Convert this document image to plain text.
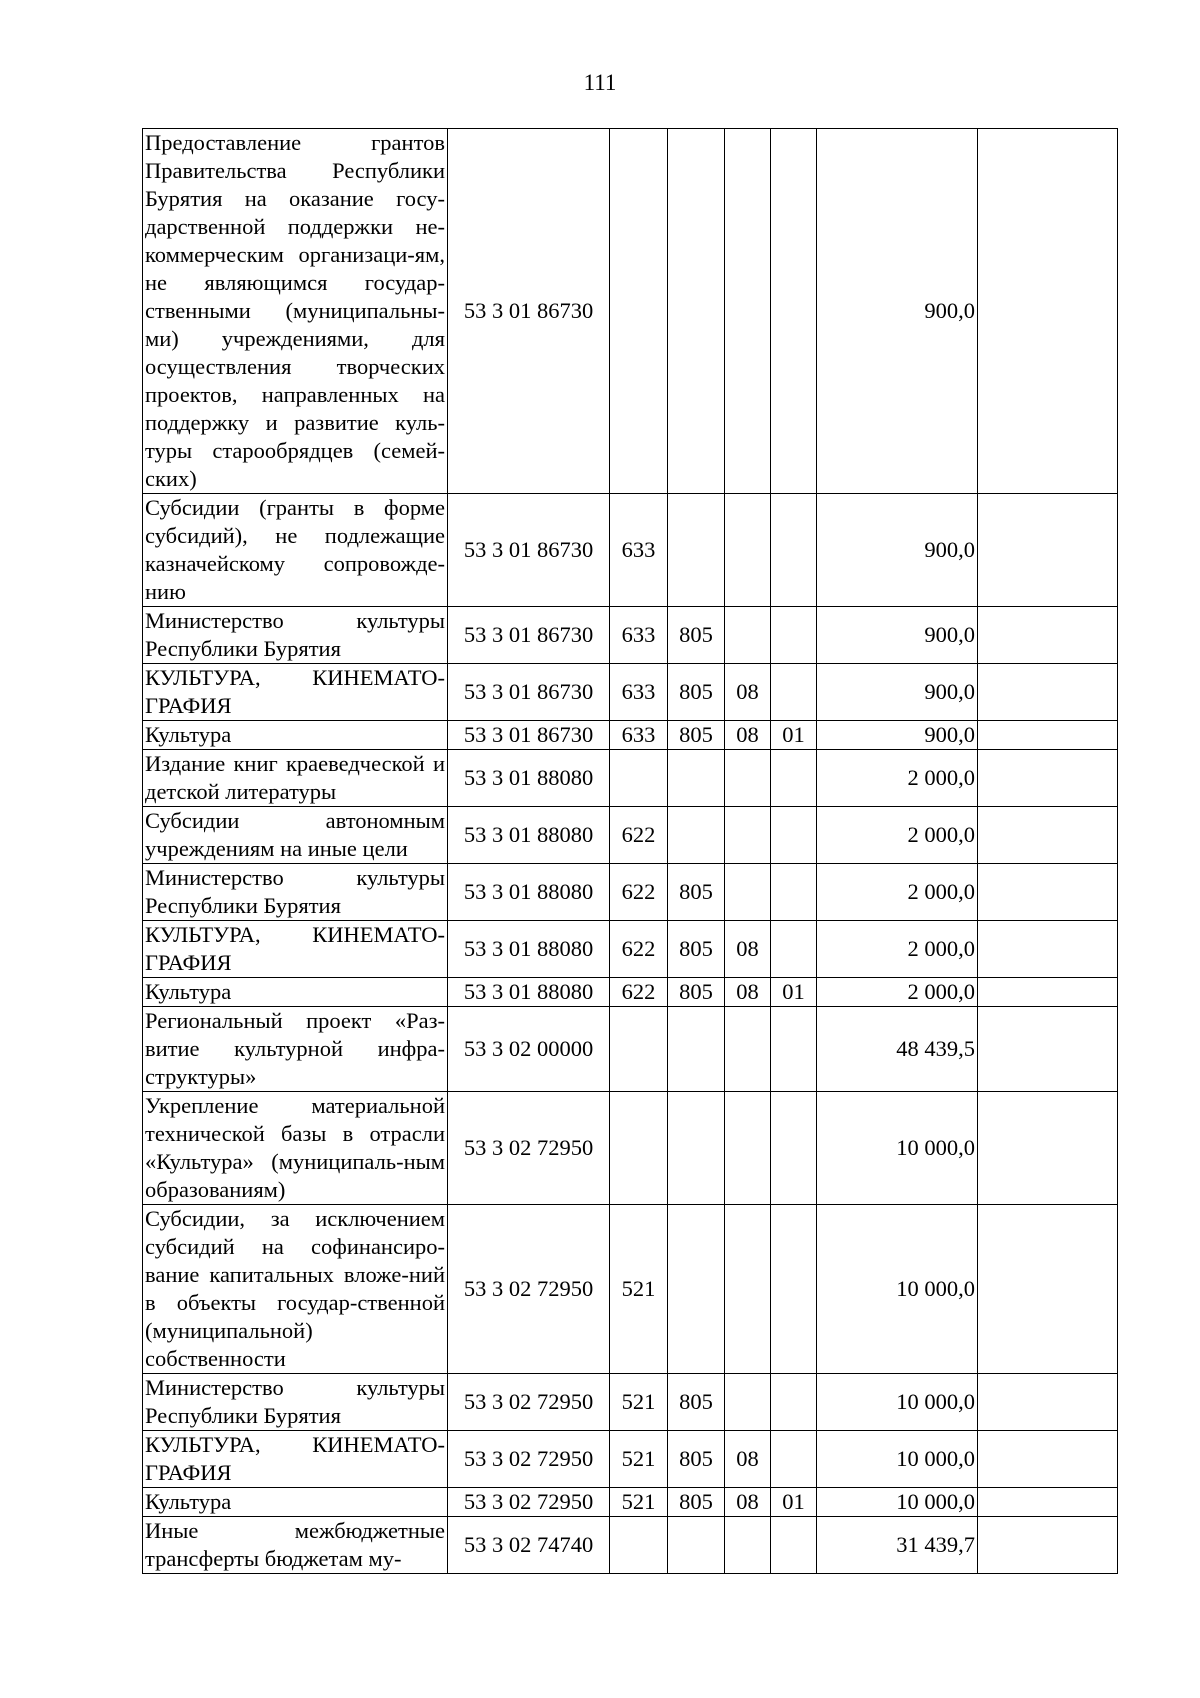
111
Предоставление грантов Правительства Республики Бурятия на оказание госу-дарственной поддержки не-коммерческим организаци-ям, не являющимся государ-ственными (муниципальны-ми) учреждениями, для осуществления творческих проектов, направленных на поддержку и развитие куль-туры старообрядцев (семей-ских)	53 3 01 86730					900,0	
Субсидии (гранты в форме субсидий), не подлежащие казначейскому сопровожде-нию	53 3 01 86730	633				900,0	
Министерство культуры Республики Бурятия	53 3 01 86730	633	805			900,0	
КУЛЬТУРА, КИНЕМАТО-ГРАФИЯ	53 3 01 86730	633	805	08		900,0	
Культура	53 3 01 86730	633	805	08	01	900,0	
Издание книг краеведческой и детской литературы	53 3 01 88080					2 000,0	
Субсидии автономным учреждениям на иные цели	53 3 01 88080	622				2 000,0	
Министерство культуры Республики Бурятия	53 3 01 88080	622	805			2 000,0	
КУЛЬТУРА, КИНЕМАТО-ГРАФИЯ	53 3 01 88080	622	805	08		2 000,0	
Культура	53 3 01 88080	622	805	08	01	2 000,0	
Региональный проект «Раз-витие культурной инфра-структуры»	53 3 02 00000					48 439,5	
Укрепление материальной технической базы в отрасли «Культура» (муниципаль-ным образованиям)	53 3 02 72950					10 000,0	
Субсидии, за исключением субсидий на софинансиро-вание капитальных вложе-ний в объекты государ-ственной (муниципальной) собственности	53 3 02 72950	521				10 000,0	
Министерство культуры Республики Бурятия	53 3 02 72950	521	805			10 000,0	
КУЛЬТУРА, КИНЕМАТО-ГРАФИЯ	53 3 02 72950	521	805	08		10 000,0	
Культура	53 3 02 72950	521	805	08	01	10 000,0	
Иные межбюджетные трансферты бюджетам му-	53 3 02 74740					31 439,7	
